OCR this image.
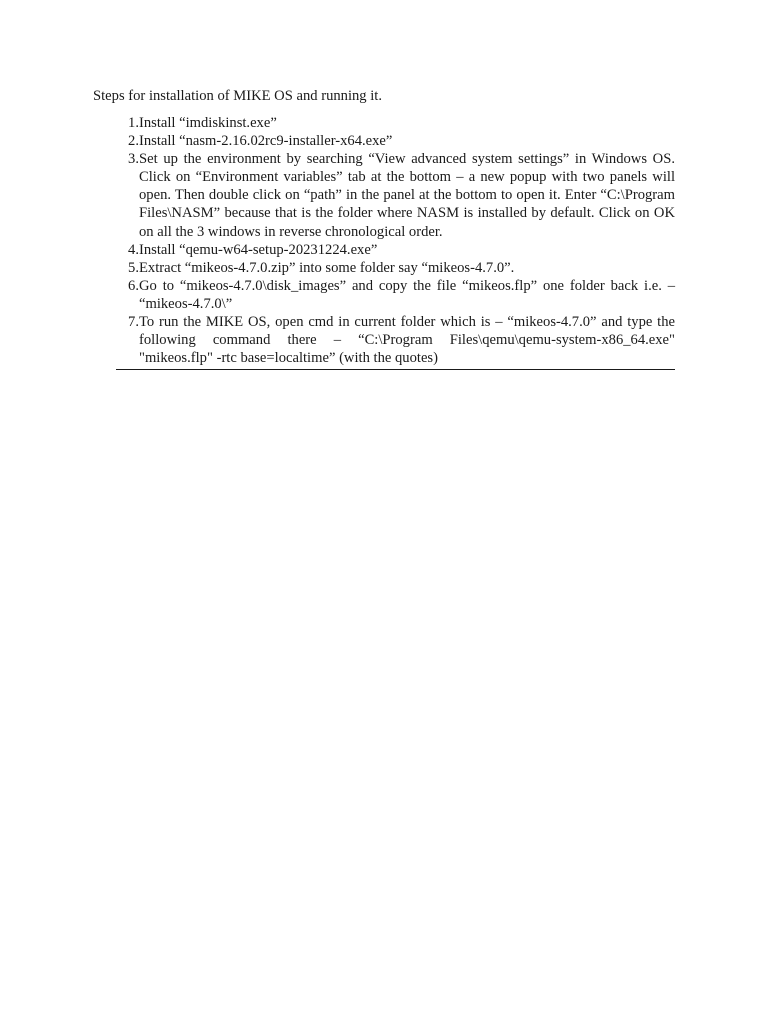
Steps for installation of MIKE OS and running it.

1. Install “imdiskinst.exe”
2. Install “nasm-2.16.02rc9-installer-x64.exe”
3. Set up the environment by searching “View advanced system settings” in Windows OS. Click on “Environment variables” tab at the bottom – a new popup with two panels will open. Then double click on “path” in the panel at the bottom to open it. Enter “C:\Program Files\NASM” because that is the folder where NASM is installed by default. Click on OK on all the 3 windows in reverse chronological order.
4. Install “qemu-w64-setup-20231224.exe”
5. Extract “mikeos-4.7.0.zip” into some folder say “mikeos-4.7.0”.
6. Go to “mikeos-4.7.0\disk_images” and copy the file “mikeos.flp” one folder back i.e. – “mikeos-4.7.0\”
7. To run the MIKE OS, open cmd in current folder which is – “mikeos-4.7.0” and type the following command there – “C:\Program Files\qemu\qemu-system-x86_64.exe" "mikeos.flp" -rtc base=localtime” (with the quotes)
